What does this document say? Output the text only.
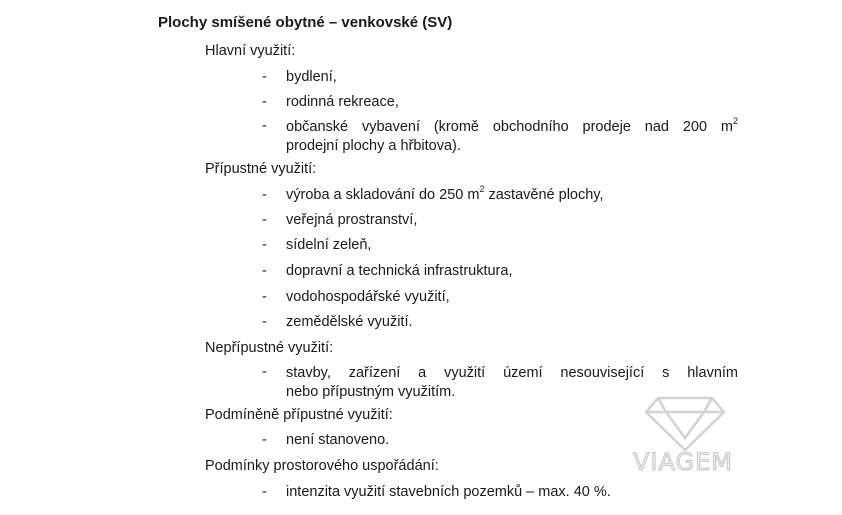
Plochy smíšené obytné – venkovské (SV)
Hlavní využití:
- bydlení,
- rodinná rekreace,
- občanské vybavení (kromě obchodního prodeje nad 200 $m^2$
prodejní plochy a hřbitova).
Přípustné využití:
- výroba a skladování do 250 $m^2$ zastavěné plochy,
- veřejná prostranství,
- sídelní zeleň,
- dopravní a technická infrastruktura,
- vodohospodářské využití,
- zemědělské využití.
Nepřípustné využití:
- stavby, zařízení a využití území nesouvisející s hlavním
nebo přípustným využitím.
Podmíněně přípustné využití:
- není stanoveno.
Podmínky prostorového uspořádání:
- intenzita využití stavebních pozemků – max. 40 %.
VIAGEM
